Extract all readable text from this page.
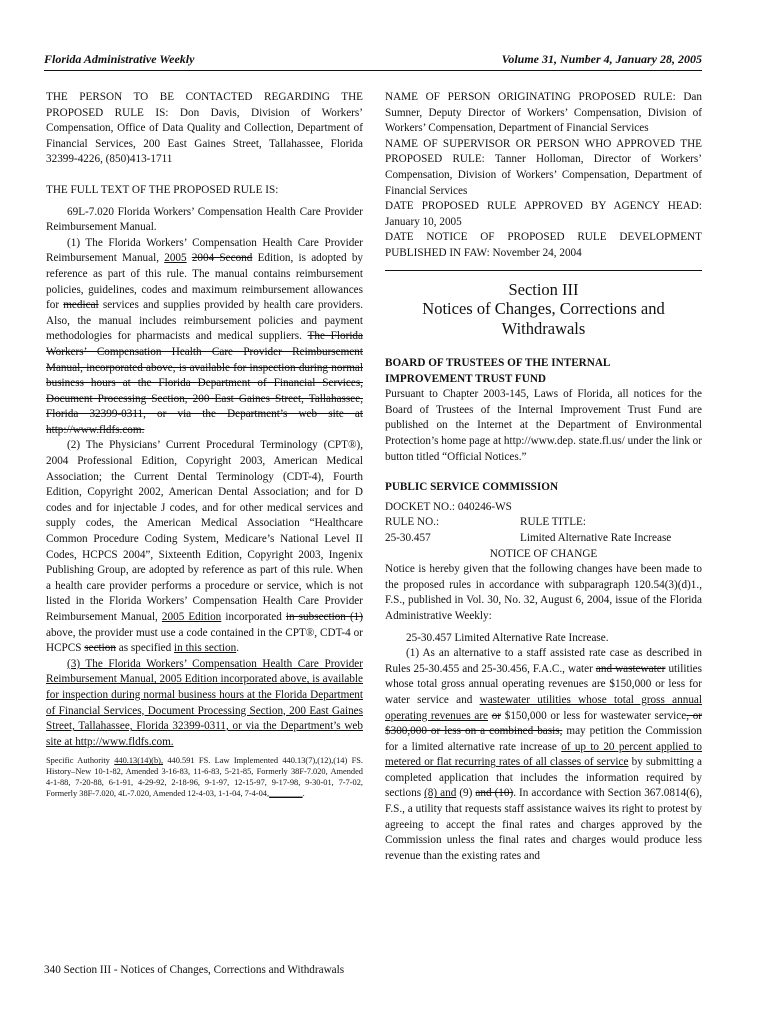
Florida Administrative Weekly	Volume 31, Number 4, January 28, 2005

THE PERSON TO BE CONTACTED REGARDING THE PROPOSED RULE IS: Don Davis, Division of Workers’ Compensation, Office of Data Quality and Collection, Department of Financial Services, 200 East Gaines Street, Tallahassee, Florida 32399-4226, (850)413-1711

THE FULL TEXT OF THE PROPOSED RULE IS:

69L-7.020 Florida Workers’ Compensation Health Care Provider Reimbursement Manual.

(1) The Florida Workers’ Compensation Health Care Provider Reimbursement Manual, 2005 2004 Second Edition, is adopted by reference as part of this rule. The manual contains reimbursement policies, guidelines, codes and maximum reimbursement allowances for medical services and supplies provided by health care providers. Also, the manual includes reimbursement policies and payment methodologies for pharmacists and medical suppliers. The Florida Workers’ Compensation Health Care Provider Reimbursement Manual, incorporated above, is available for inspection during normal business hours at the Florida Department of Financial Services, Document Processing Section, 200 East Gaines Street, Tallahassee, Florida 32399-0311, or via the Department’s web site at http://www.fldfs.com.

(2) The Physicians’ Current Procedural Terminology (CPT®), 2004 Professional Edition, Copyright 2003, American Medical Association; the Current Dental Terminology (CDT-4), Fourth Edition, Copyright 2002, American Dental Association; and for D codes and for injectable J codes, and for other medical services and supply codes, the American Medical Association “Healthcare Common Procedure Coding System, Medicare’s National Level II Codes, HCPCS 2004”, Sixteenth Edition, Copyright 2003, Ingenix Publishing Group, are adopted by reference as part of this rule. When a health care provider performs a procedure or service, which is not listed in the Florida Workers’ Compensation Health Care Provider Reimbursement Manual, 2005 Edition incorporated in subsection (1) above, the provider must use a code contained in the CPT®, CDT-4 or HCPCS section as specified in this section.

(3) The Florida Workers’ Compensation Health Care Provider Reimbursement Manual, 2005 Edition incorporated above, is available for inspection during normal business hours at the Florida Department of Financial Services, Document Processing Section, 200 East Gaines Street, Tallahassee, Florida 32399-0311, or via the Department’s web site at http://www.fldfs.com.

Specific Authority 440.13(14)(b), 440.591 FS. Law Implemented 440.13(7),(12),(14) FS. History–New 10-1-82, Amended 3-16-83, 11-6-83, 5-21-85, Formerly 38F-7.020, Amended 4-1-88, 7-20-88, 6-1-91, 4-29-92, 2-18-96, 9-1-97, 12-15-97, 9-17-98, 9-30-01, 7-7-02, Formerly 38F-7.020, 4L-7.020, Amended 12-4-03, 1-1-04, 7-4-04,________.

NAME OF PERSON ORIGINATING PROPOSED RULE: Dan Sumner, Deputy Director of Workers’ Compensation, Division of Workers’ Compensation, Department of Financial Services

NAME OF SUPERVISOR OR PERSON WHO APPROVED THE PROPOSED RULE: Tanner Holloman, Director of Workers’ Compensation, Division of Workers’ Compensation, Department of Financial Services

DATE PROPOSED RULE APPROVED BY AGENCY HEAD: January 10, 2005

DATE NOTICE OF PROPOSED RULE DEVELOPMENT PUBLISHED IN FAW: November 24, 2004

Section III
Notices of Changes, Corrections and
Withdrawals
BOARD OF TRUSTEES OF THE INTERNAL
IMPROVEMENT TRUST FUND

Pursuant to Chapter 2003-145, Laws of Florida, all notices for the Board of Trustees of the Internal Improvement Trust Fund are published on the Internet at the Department of Environmental Protection’s home page at http://www.dep. state.fl.us/ under the link or button titled “Official Notices.”

PUBLIC SERVICE COMMISSION
DOCKET NO.: 040246-WS
RULE NO.:	RULE TITLE:
25-30.457	Limited Alternative Rate Increase
NOTICE OF CHANGE

Notice is hereby given that the following changes have been made to the proposed rules in accordance with subparagraph 120.54(3)(d)1., F.S., published in Vol. 30, No. 32, August 6, 2004, issue of the Florida Administrative Weekly:

25-30.457 Limited Alternative Rate Increase.

(1) As an alternative to a staff assisted rate case as described in Rules 25-30.455 and 25-30.456, F.A.C., water and wastewater utilities whose total gross annual operating revenues are $150,000 or less for water service and wastewater utilities whose total gross annual operating revenues are or $150,000 or less for wastewater service, or $300,000 or less on a combined basis, may petition the Commission for a limited alternative rate increase of up to 20 percent applied to metered or flat recurring rates of all classes of service by submitting a completed application that includes the information required by sections (8) and (9) and (10). In accordance with Section 367.0814(6), F.S., a utility that requests staff assistance waives its right to protest by agreeing to accept the final rates and charges approved by the Commission unless the final rates and charges would produce less revenue than the existing rates and

340 Section III - Notices of Changes, Corrections and Withdrawals
